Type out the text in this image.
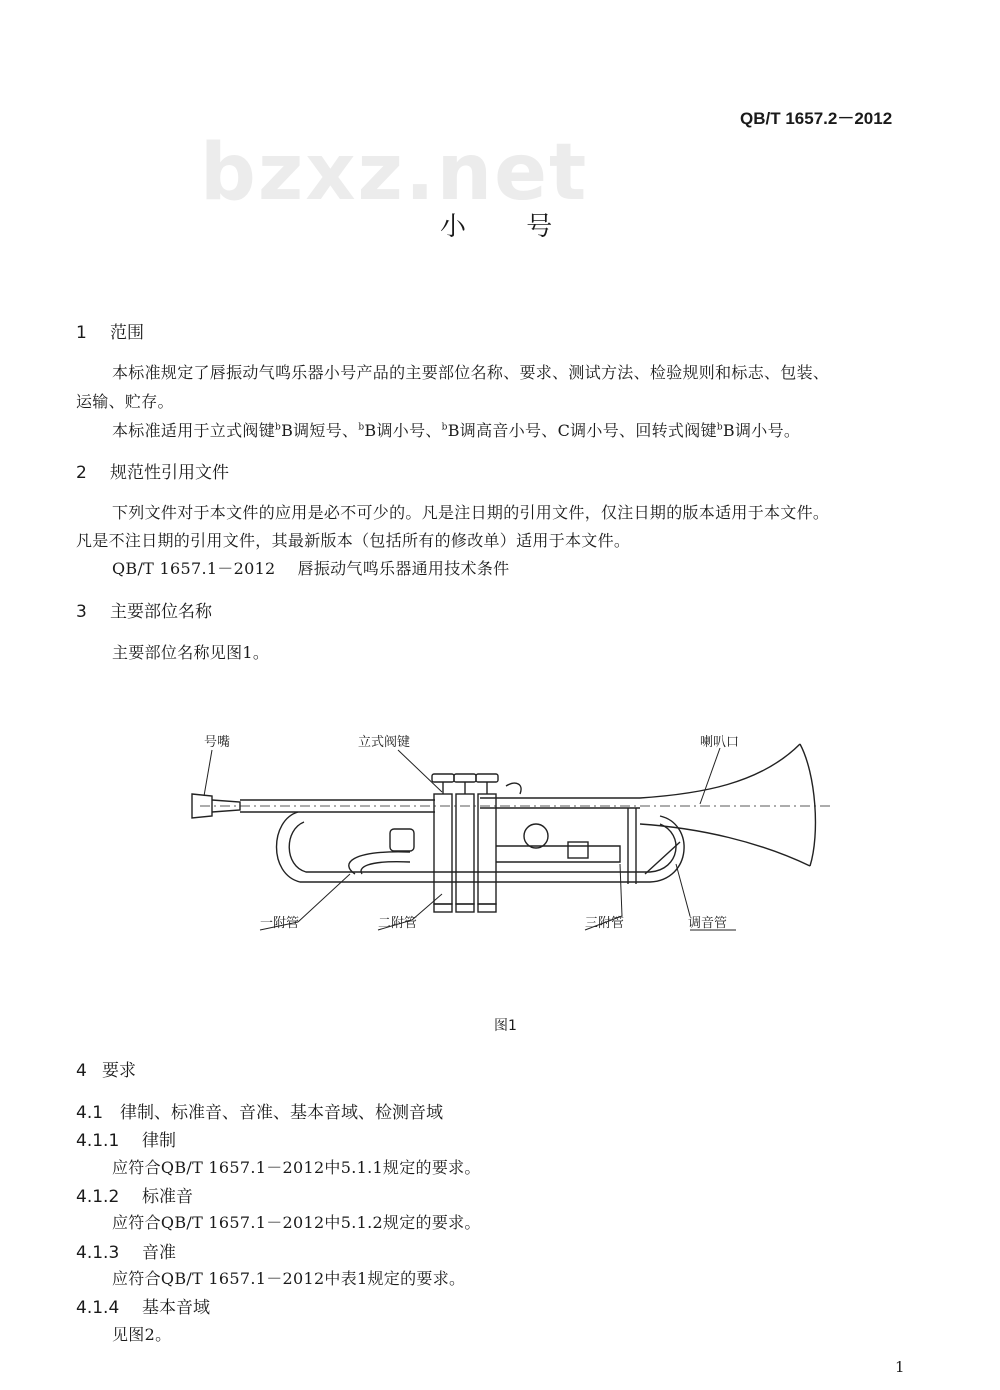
bzxz.net
QB/T 1657.2－2012
小 号
1 范围
本标准规定了唇振动气鸣乐器小号产品的主要部位名称、要求、测试方法、检验规则和标志、包装、
运输、贮存。
本标准适用于立式阀键$^b$B调短号、$^b$B调小号、$^b$B调高音小号、C调小号、回转式阀键$^b$B调小号。
2 规范性引用文件
下列文件对于本文件的应用是必不可少的。凡是注日期的引用文件，仅注日期的版本适用于本文件。
凡是不注日期的引用文件，其最新版本（包括所有的修改单）适用于本文件。
QB/T 1657.1－2012 唇振动气鸣乐器通用技术条件
3 主要部位名称
主要部位名称见图1。
号嘴	立式阀键	喇叭口
一附管	二附管	三附管	调音管
图1
4 要求
4.1 律制、标准音、音准、基本音域、检测音域
4.1.1 律制
应符合QB/T 1657.1－2012中5.1.1规定的要求。
4.1.2 标准音
应符合QB/T 1657.1－2012中5.1.2规定的要求。
4.1.3 音准
应符合QB/T 1657.1－2012中表1规定的要求。
4.1.4 基本音域
见图2。
1
